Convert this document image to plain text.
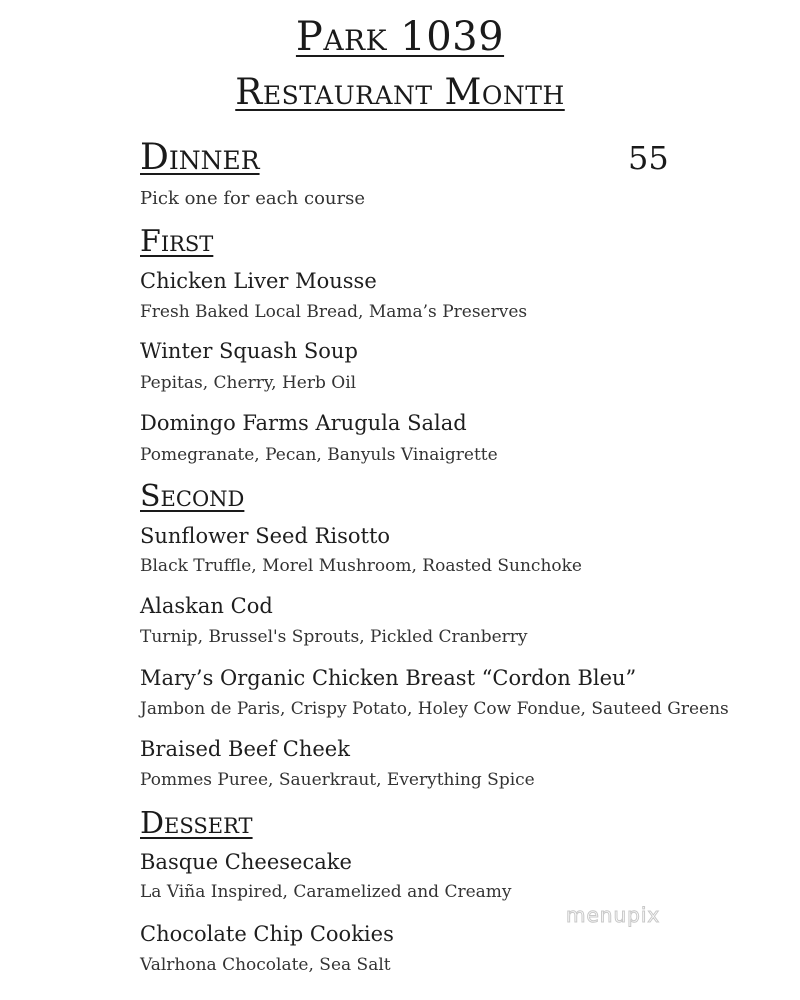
Park 1039
Restaurant Month
Dinner	55
Pick one for each course
First
Chicken Liver Mousse
Fresh Baked Local Bread, Mama’s Preserves
Winter Squash Soup
Pepitas, Cherry, Herb Oil
Domingo Farms Arugula Salad
Pomegranate, Pecan, Banyuls Vinaigrette
Second
Sunflower Seed Risotto
Black Truffle, Morel Mushroom, Roasted Sunchoke
Alaskan Cod
Turnip, Brussel's Sprouts, Pickled Cranberry
Mary’s Organic Chicken Breast “Cordon Bleu”
Jambon de Paris, Crispy Potato, Holey Cow Fondue, Sauteed Greens
Braised Beef Cheek
Pommes Puree, Sauerkraut, Everything Spice
Dessert
Basque Cheesecake
La Viña Inspired, Caramelized and Creamy
Chocolate Chip Cookies
Valrhona Chocolate, Sea Salt
menupix
